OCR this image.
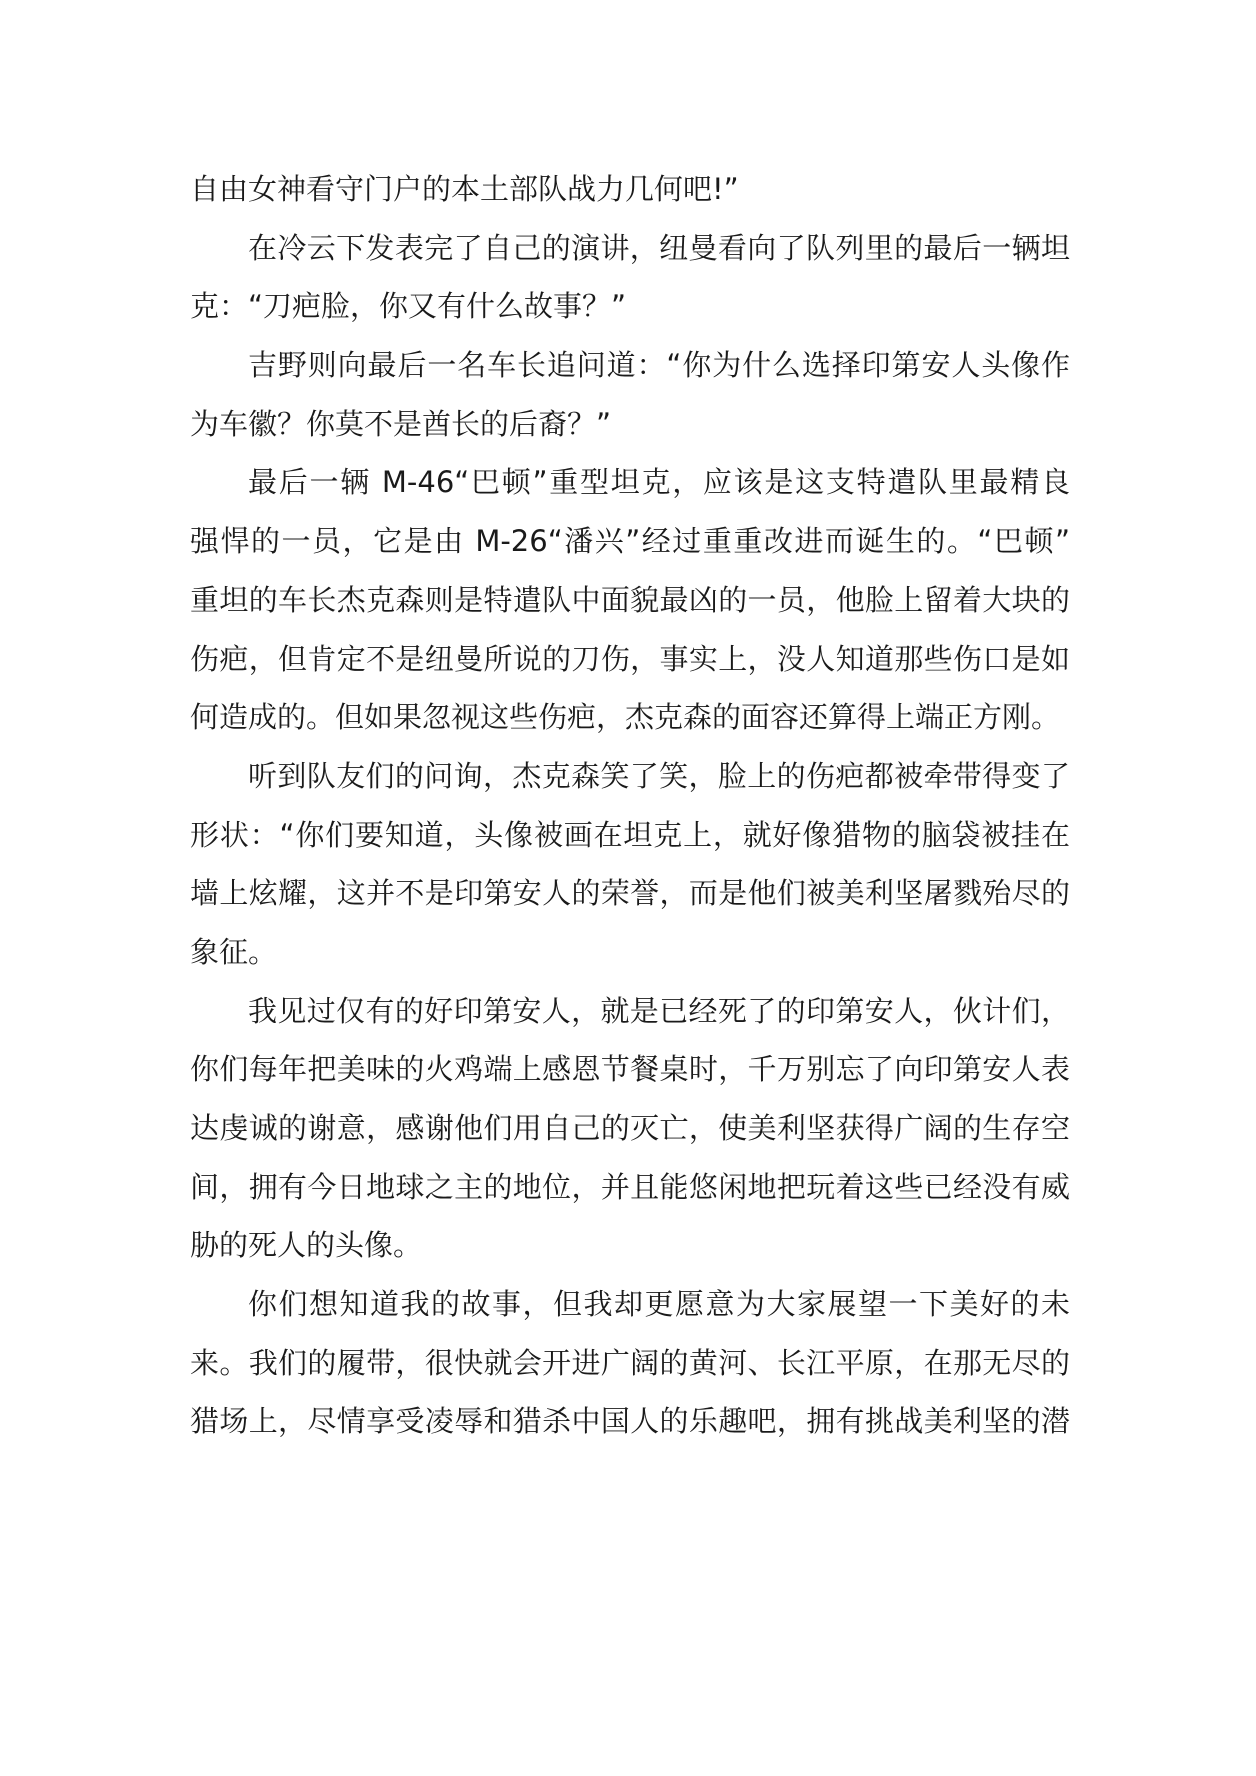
自由女神看守门户的本土部队战力几何吧!”
在冷云下发表完了自己的演讲，纽曼看向了队列里的最后一辆坦
克：“刀疤脸，你又有什么故事？”
吉野则向最后一名车长追问道：“你为什么选择印第安人头像作
为车徽？你莫不是酋长的后裔？”
最后一辆 M-46“巴顿”重型坦克，应该是这支特遣队里最精良
强悍的一员，它是由 M-26“潘兴”经过重重改进而诞生的。“巴顿”
重坦的车长杰克森则是特遣队中面貌最凶的一员，他脸上留着大块的
伤疤，但肯定不是纽曼所说的刀伤，事实上，没人知道那些伤口是如
何造成的。但如果忽视这些伤疤，杰克森的面容还算得上端正方刚。
听到队友们的问询，杰克森笑了笑，脸上的伤疤都被牵带得变了
形状：“你们要知道，头像被画在坦克上，就好像猎物的脑袋被挂在
墙上炫耀，这并不是印第安人的荣誉，而是他们被美利坚屠戮殆尽的
象征。
我见过仅有的好印第安人，就是已经死了的印第安人，伙计们，
你们每年把美味的火鸡端上感恩节餐桌时，千万别忘了向印第安人表
达虔诚的谢意，感谢他们用自己的灭亡，使美利坚获得广阔的生存空
间，拥有今日地球之主的地位，并且能悠闲地把玩着这些已经没有威
胁的死人的头像。
你们想知道我的故事，但我却更愿意为大家展望一下美好的未
来。我们的履带，很快就会开进广阔的黄河、长江平原，在那无尽的
猎场上，尽情享受凌辱和猎杀中国人的乐趣吧，拥有挑战美利坚的潜
